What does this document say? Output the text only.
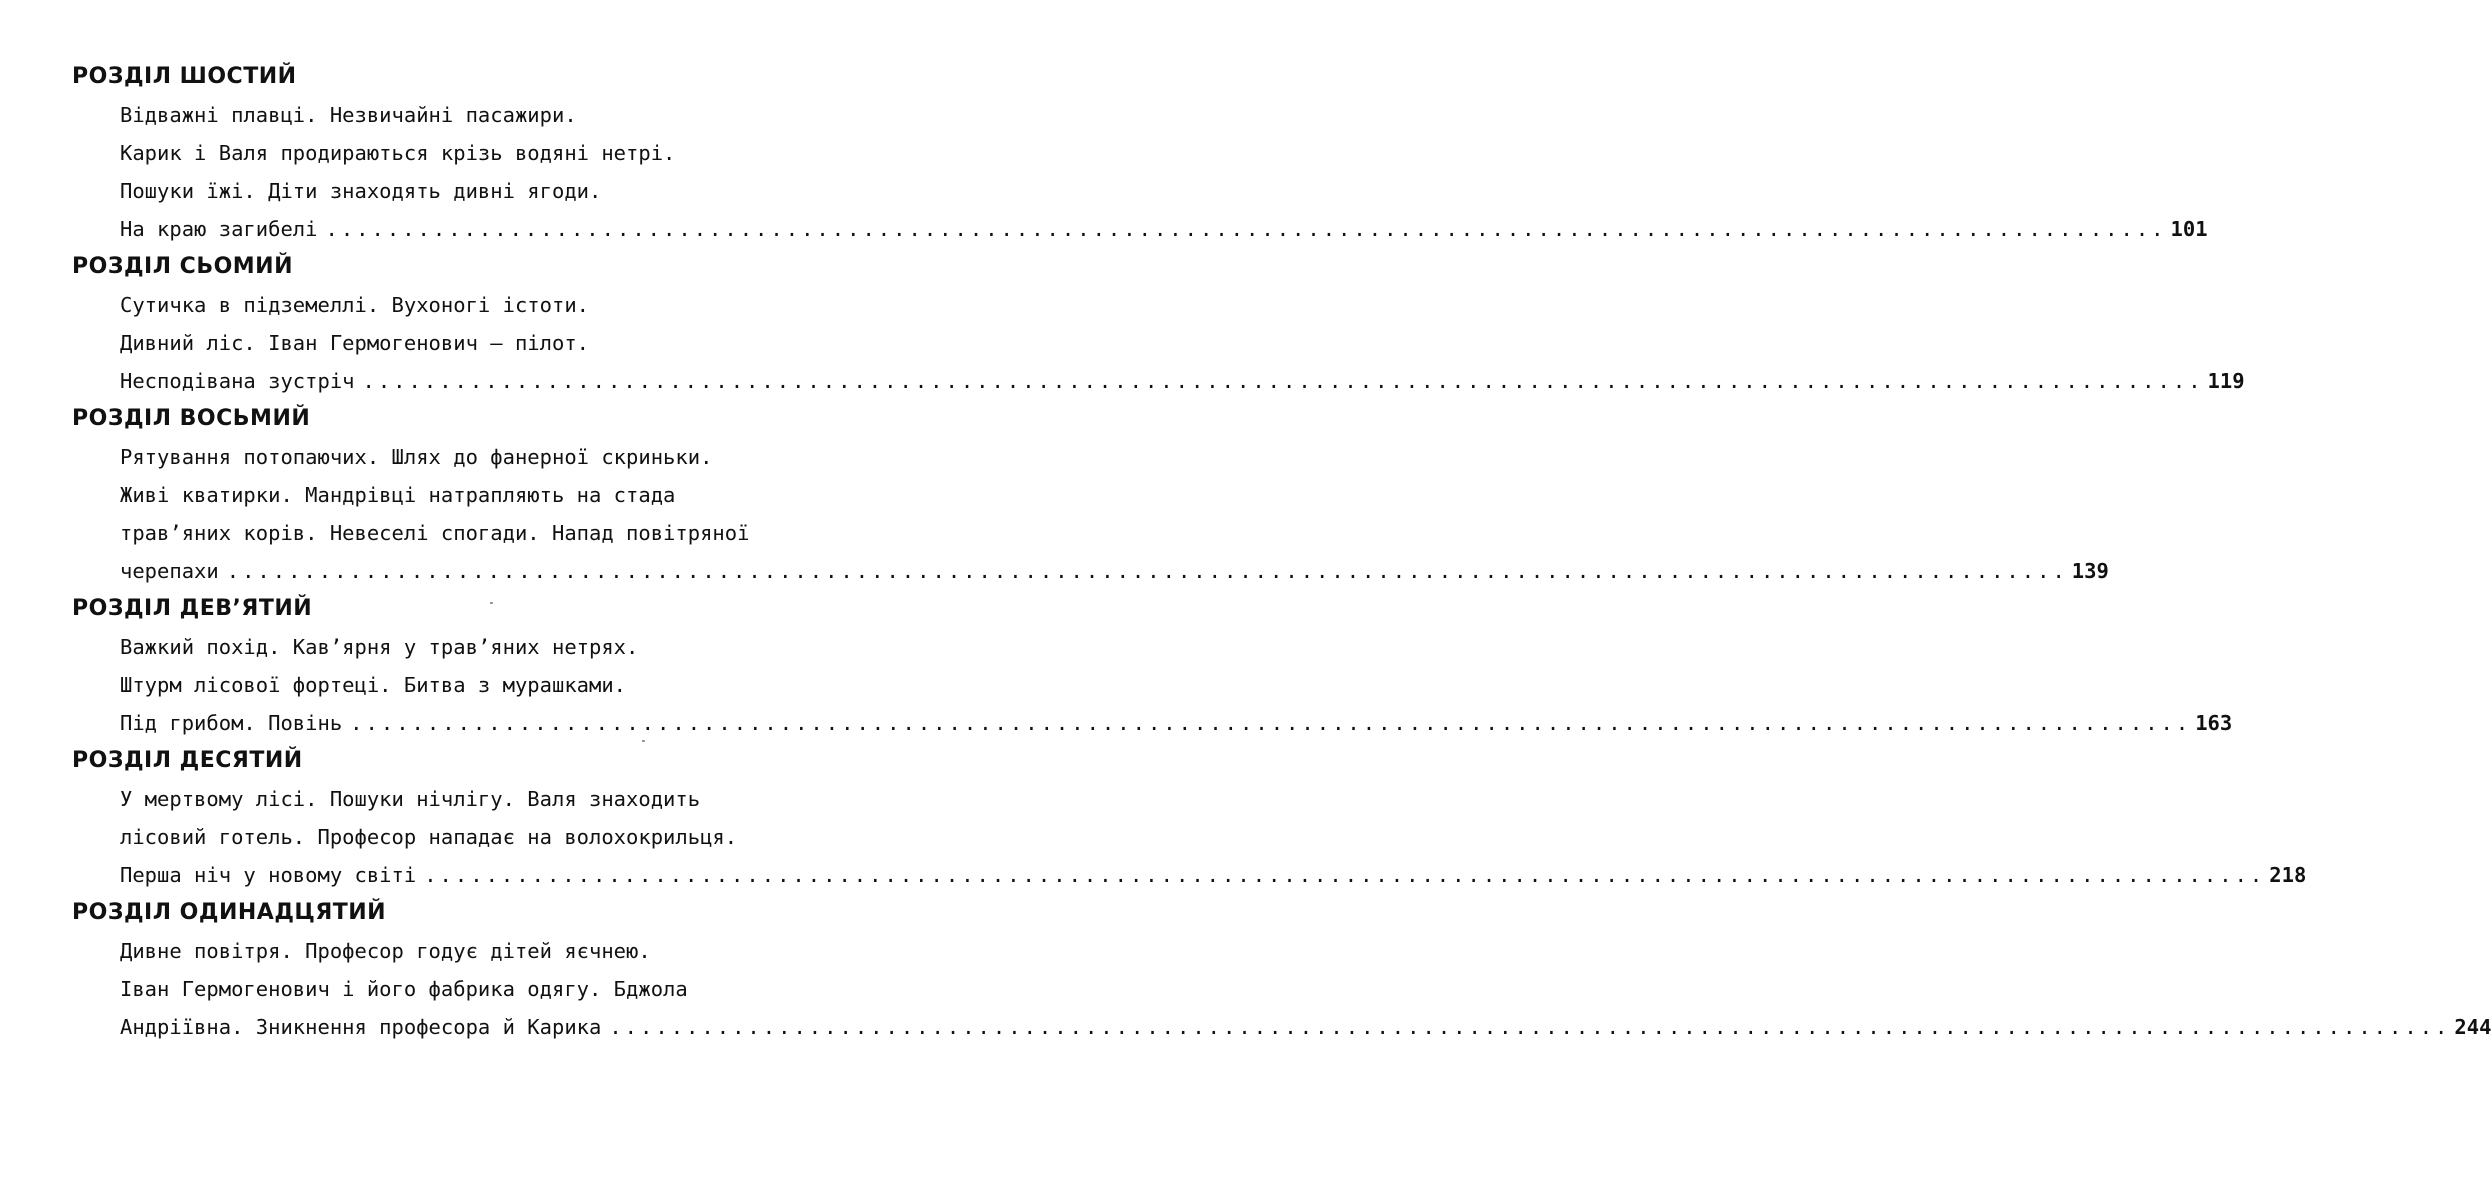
РОЗДІЛ ШОСТИЙ
Відважні плавці. Незвичайні пасажири.
Карик і Валя продираються крізь водяні нетрі.
Пошуки їжі. Діти знаходять дивні ягоди.
На краю загибелі ........................................................................................................................ 101
РОЗДІЛ СЬОМИЙ
Сутичка в підземеллі. Вухоногі істоти.
Дивний ліс. Іван Гермогенович — пілот.
Несподівана зустріч ........................................................................................................................ 119
РОЗДІЛ ВОСЬМИЙ
Рятування потопаючих. Шлях до фанерної скриньки.
Живі кватирки. Мандрівці натрапляють на стада
трав’яних корів. Невеселі спогади. Напад повітряної
черепахи ........................................................................................................................ 139
РОЗДІЛ ДЕВ’ЯТИЙ
Важкий похід. Кав’ярня у трав’яних нетрях.
Штурм лісової фортеці. Битва з мурашками.
Під грибом. Повінь ........................................................................................................................ 163
РОЗДІЛ ДЕСЯТИЙ
У мертвому лісі. Пошуки нічлігу. Валя знаходить
лісовий готель. Професор нападає на волохокрильця.
Перша ніч у новому світі ........................................................................................................................ 218
РОЗДІЛ ОДИНАДЦЯТИЙ
Дивне повітря. Професор годує дітей яєчнею.
Іван Гермогенович і його фабрика одягу. Бджола
Андріївна. Зникнення професора й Карика ........................................................................................................................ 244
